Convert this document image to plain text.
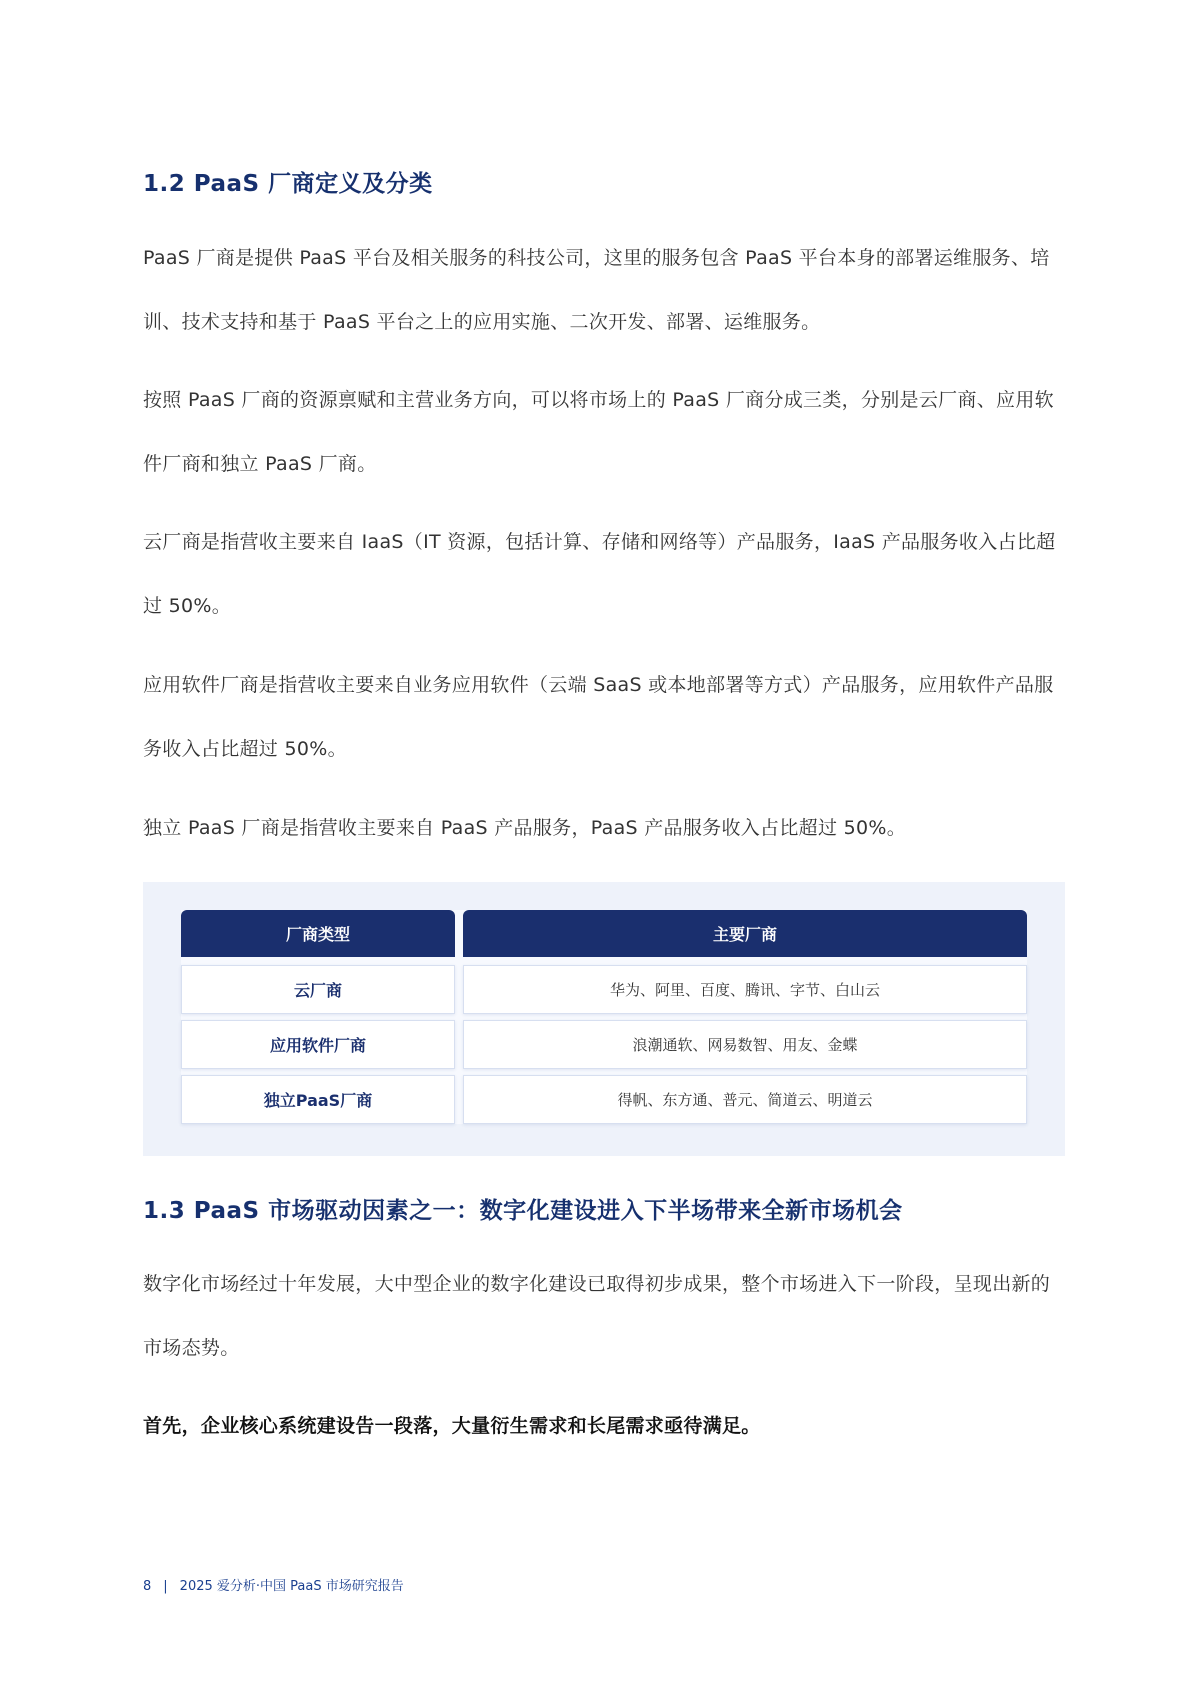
1.2 PaaS 厂商定义及分类

PaaS 厂商是提供 PaaS 平台及相关服务的科技公司，这里的服务包含 PaaS 平台本身的部署运维服务、培训、技术支持和基于 PaaS 平台之上的应用实施、二次开发、部署、运维服务。

按照 PaaS 厂商的资源禀赋和主营业务方向，可以将市场上的 PaaS 厂商分成三类，分别是云厂商、应用软件厂商和独立 PaaS 厂商。

云厂商是指营收主要来自 IaaS（IT 资源，包括计算、存储和网络等）产品服务，IaaS 产品服务收入占比超过 50%。

应用软件厂商是指营收主要来自业务应用软件（云端 SaaS 或本地部署等方式）产品服务，应用软件产品服务收入占比超过 50%。

独立 PaaS 厂商是指营收主要来自 PaaS 产品服务，PaaS 产品服务收入占比超过 50%。

厂商类型	主要厂商
云厂商	华为、阿里、百度、腾讯、字节、白山云
应用软件厂商	浪潮通软、网易数智、用友、金蝶
独立PaaS厂商	得帆、东方通、普元、简道云、明道云
1.3 PaaS 市场驱动因素之一：数字化建设进入下半场带来全新市场机会

数字化市场经过十年发展，大中型企业的数字化建设已取得初步成果，整个市场进入下一阶段，呈现出新的市场态势。

首先，企业核心系统建设告一段落，大量衍生需求和长尾需求亟待满足。

8 | 2025 爱分析·中国 PaaS 市场研究报告
